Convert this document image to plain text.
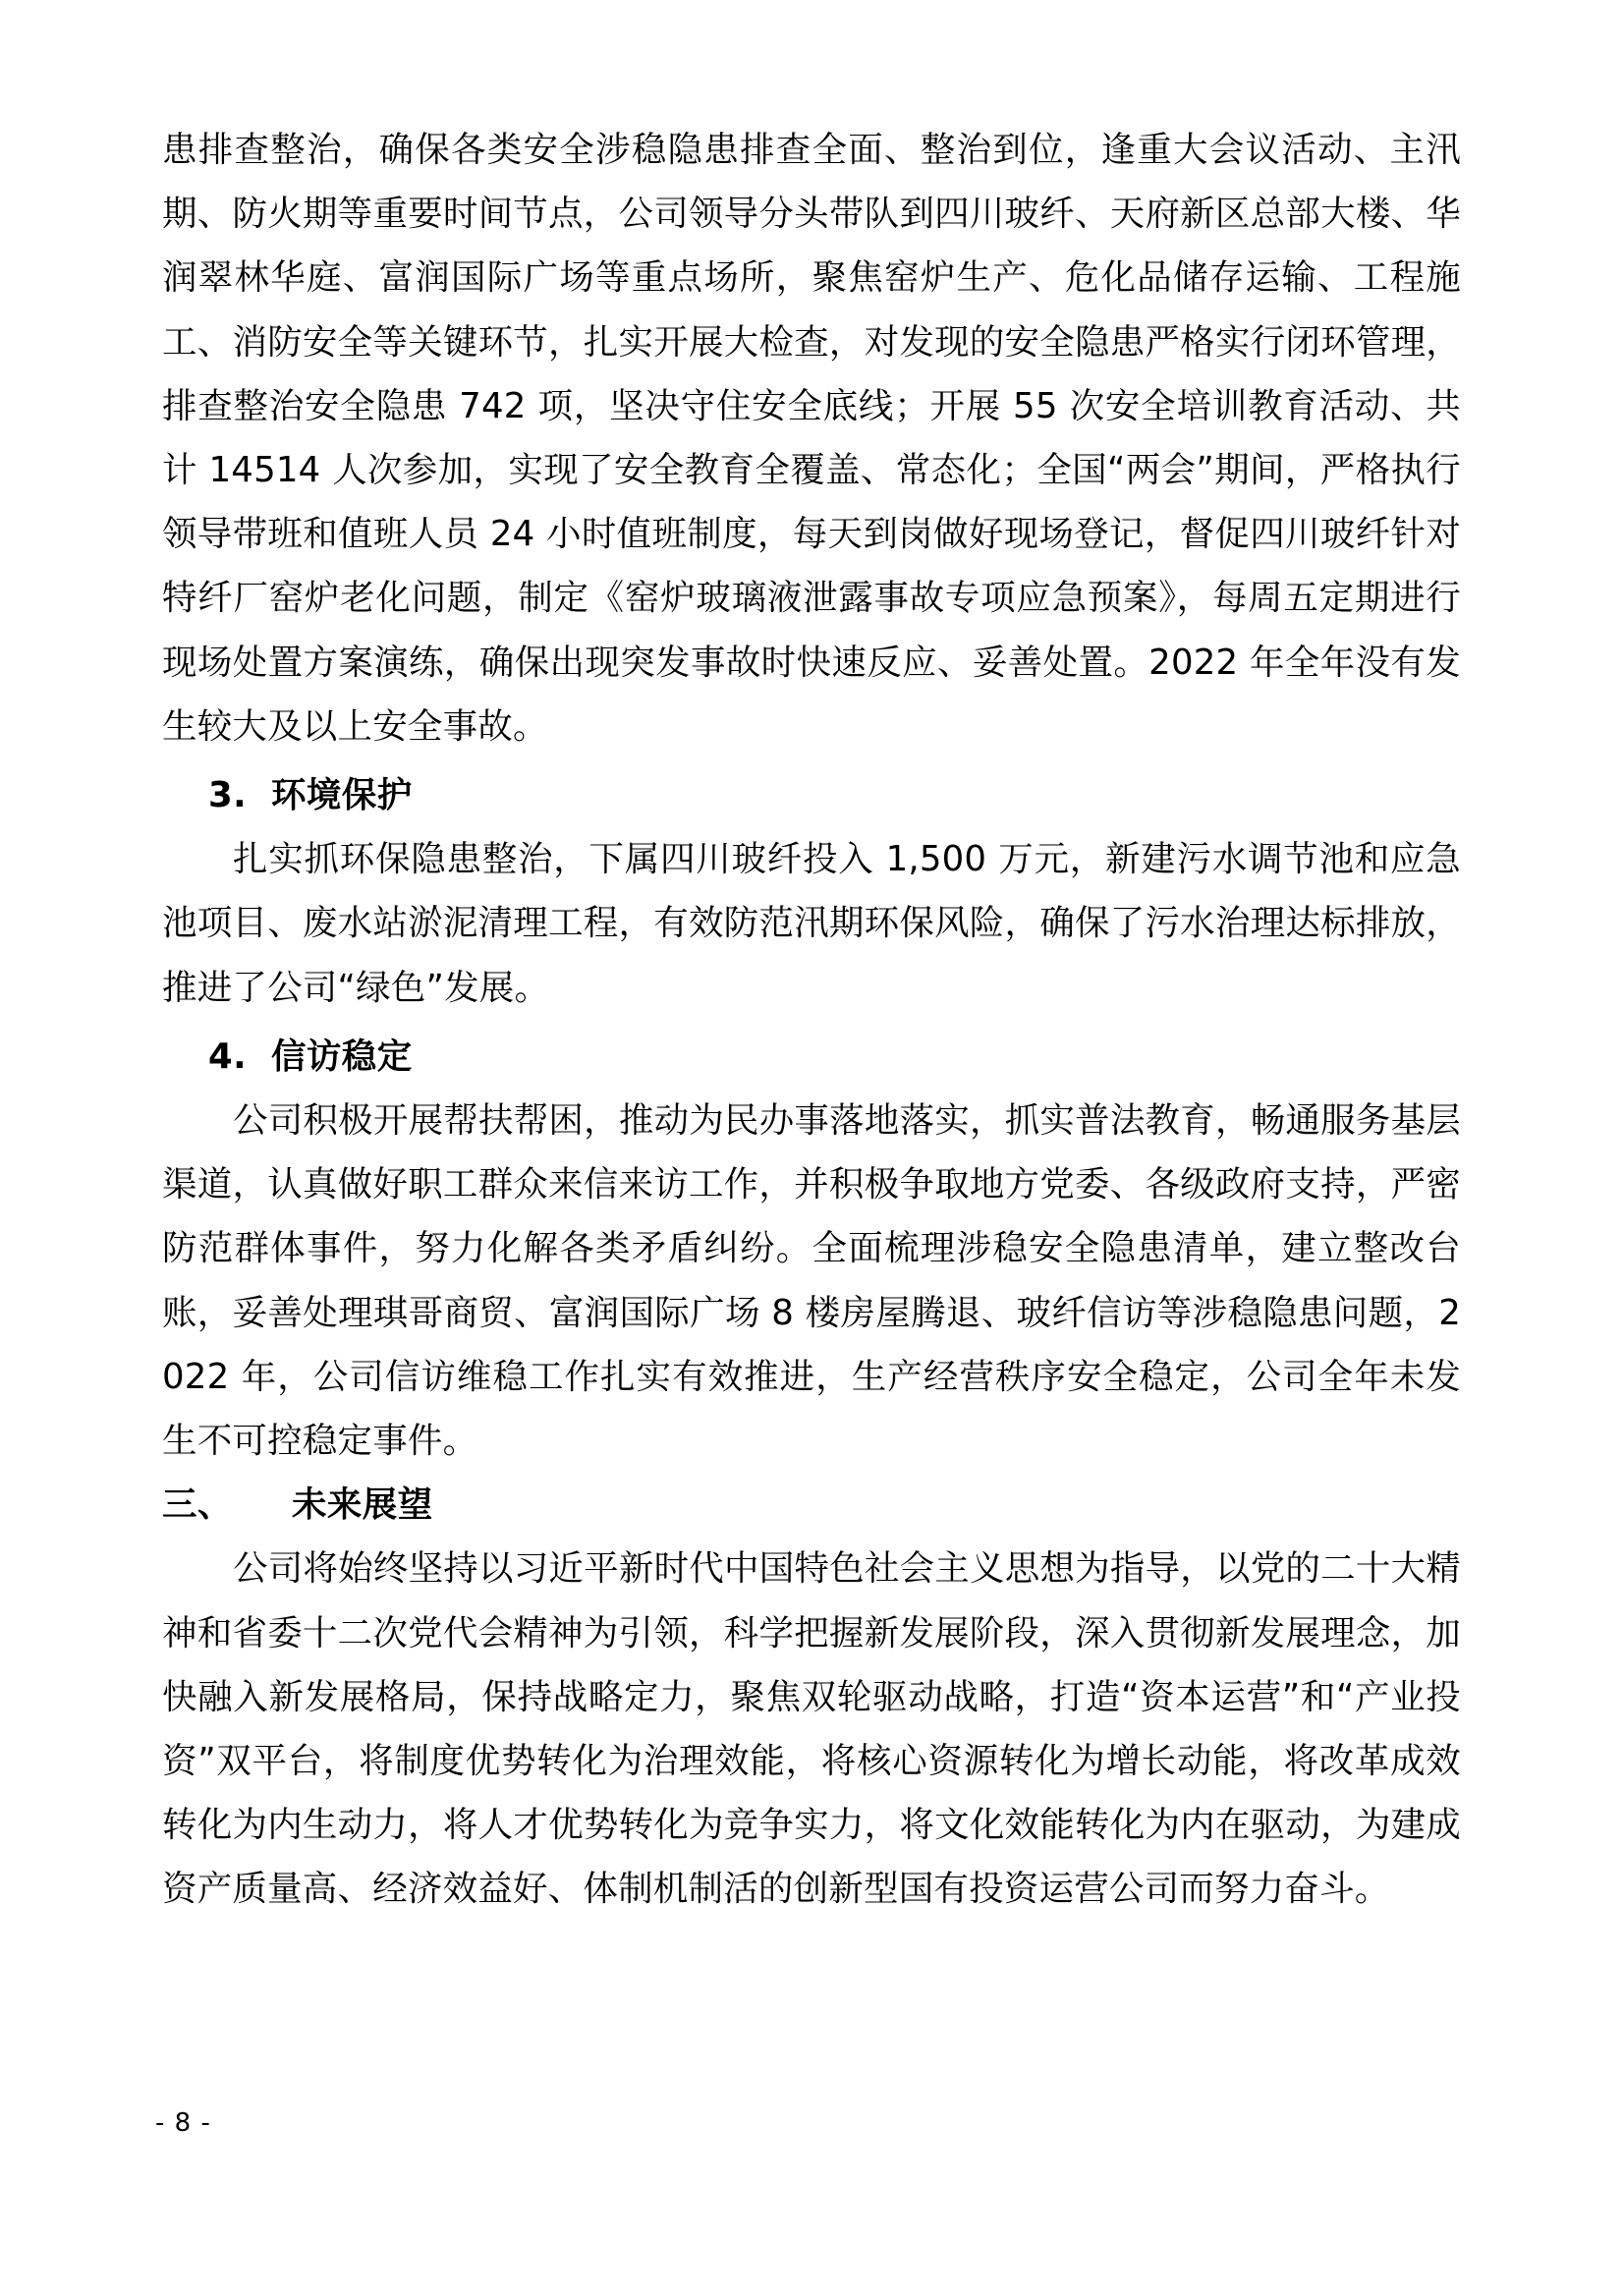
患排查整治，确保各类安全涉稳隐患排查全面、整治到位，逢重大会议活动、主汛期、防火期等重要时间节点，公司领导分头带队到四川玻纤、天府新区总部大楼、华润翠林华庭、富润国际广场等重点场所，聚焦窑炉生产、危化品储存运输、工程施工、消防安全等关键环节，扎实开展大检查，对发现的安全隐患严格实行闭环管理，排查整治安全隐患 742 项，坚决守住安全底线；开展 55 次安全培训教育活动、共计 14514 人次参加，实现了安全教育全覆盖、常态化；全国“两会”期间，严格执行领导带班和值班人员 24 小时值班制度，每天到岗做好现场登记，督促四川玻纤针对特纤厂窑炉老化问题，制定《窑炉玻璃液泄露事故专项应急预案》，每周五定期进行现场处置方案演练，确保出现突发事故时快速反应、妥善处置。2022 年全年没有发生较大及以上安全事故。

3. 环境保护

扎实抓环保隐患整治，下属四川玻纤投入 1,500 万元，新建污水调节池和应急池项目、废水站淤泥清理工程，有效防范汛期环保风险，确保了污水治理达标排放，推进了公司“绿色”发展。

4. 信访稳定

公司积极开展帮扶帮困，推动为民办事落地落实，抓实普法教育，畅通服务基层渠道，认真做好职工群众来信来访工作，并积极争取地方党委、各级政府支持，严密防范群体事件，努力化解各类矛盾纠纷。全面梳理涉稳安全隐患清单，建立整改台账，妥善处理琪哥商贸、富润国际广场 8 楼房屋腾退、玻纤信访等涉稳隐患问题，2022 年，公司信访维稳工作扎实有效推进，生产经营秩序安全稳定，公司全年未发生不可控稳定事件。

三、 未来展望

公司将始终坚持以习近平新时代中国特色社会主义思想为指导，以党的二十大精神和省委十二次党代会精神为引领，科学把握新发展阶段，深入贯彻新发展理念，加快融入新发展格局，保持战略定力，聚焦双轮驱动战略，打造“资本运营”和“产业投资”双平台，将制度优势转化为治理效能，将核心资源转化为增长动能，将改革成效转化为内生动力，将人才优势转化为竞争实力，将文化效能转化为内在驱动，为建成资产质量高、经济效益好、体制机制活的创新型国有投资运营公司而努力奋斗。

- 8 -
